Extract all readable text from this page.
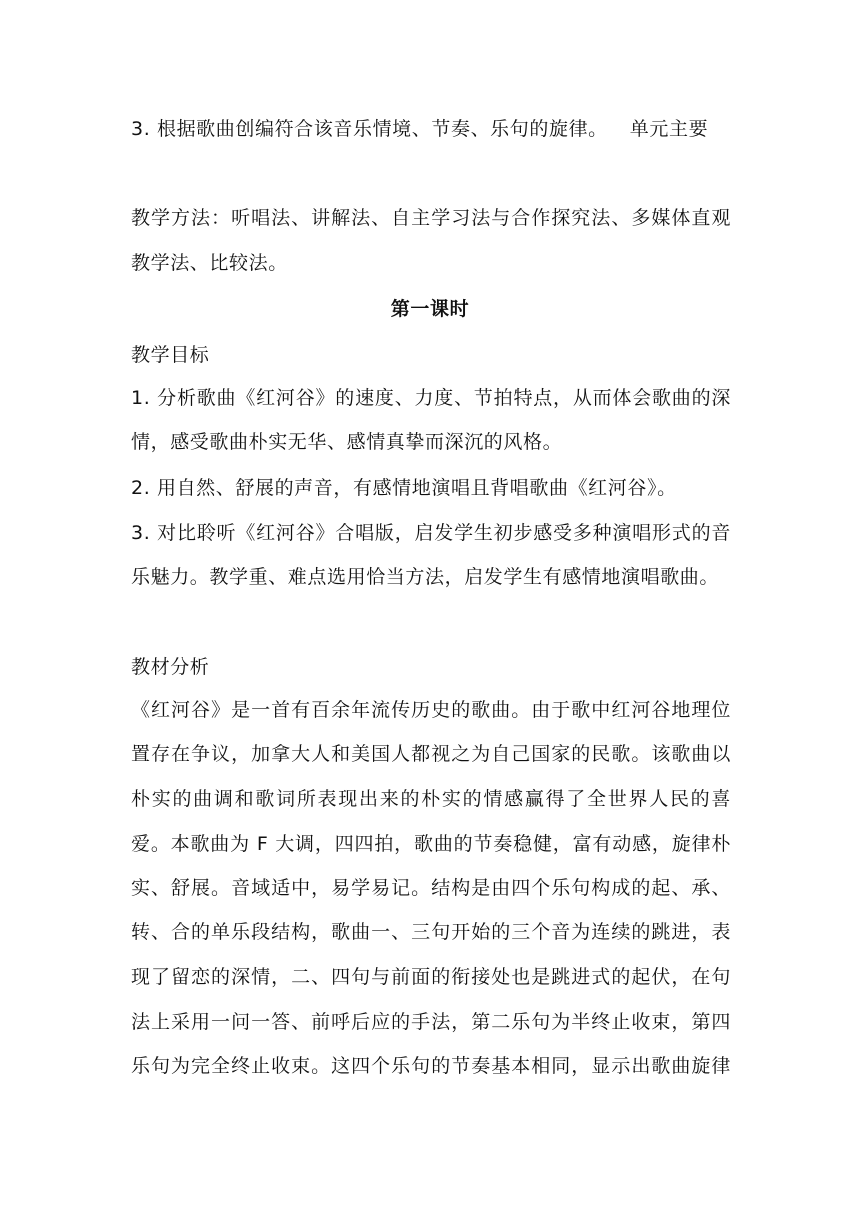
3. 根据歌曲创编符合该音乐情境、节奏、乐句的旋律。 单元主要
教学方法：听唱法、讲解法、自主学习法与合作探究法、多媒体直观
教学法、比较法。
第一课时
教学目标
1. 分析歌曲《红河谷》的速度、力度、节拍特点，从而体会歌曲的深
情，感受歌曲朴实无华、感情真挚而深沉的风格。
2. 用自然、舒展的声音，有感情地演唱且背唱歌曲《红河谷》。
3. 对比聆听《红河谷》合唱版，启发学生初步感受多种演唱形式的音
乐魅力。教学重、难点选用恰当方法，启发学生有感情地演唱歌曲。
教材分析
《红河谷》是一首有百余年流传历史的歌曲。由于歌中红河谷地理位
置存在争议，加拿大人和美国人都视之为自己国家的民歌。该歌曲以
朴实的曲调和歌词所表现出来的朴实的情感赢得了全世界人民的喜
爱。本歌曲为 F 大调，四四拍，歌曲的节奏稳健，富有动感，旋律朴
实、舒展。音域适中，易学易记。结构是由四个乐句构成的起、承、
转、合的单乐段结构，歌曲一、三句开始的三个音为连续的跳进，表
现了留恋的深情，二、四句与前面的衔接处也是跳进式的起伏，在句
法上采用一问一答、前呼后应的手法，第二乐句为半终止收束，第四
乐句为完全终止收束。这四个乐句的节奏基本相同，显示出歌曲旋律
